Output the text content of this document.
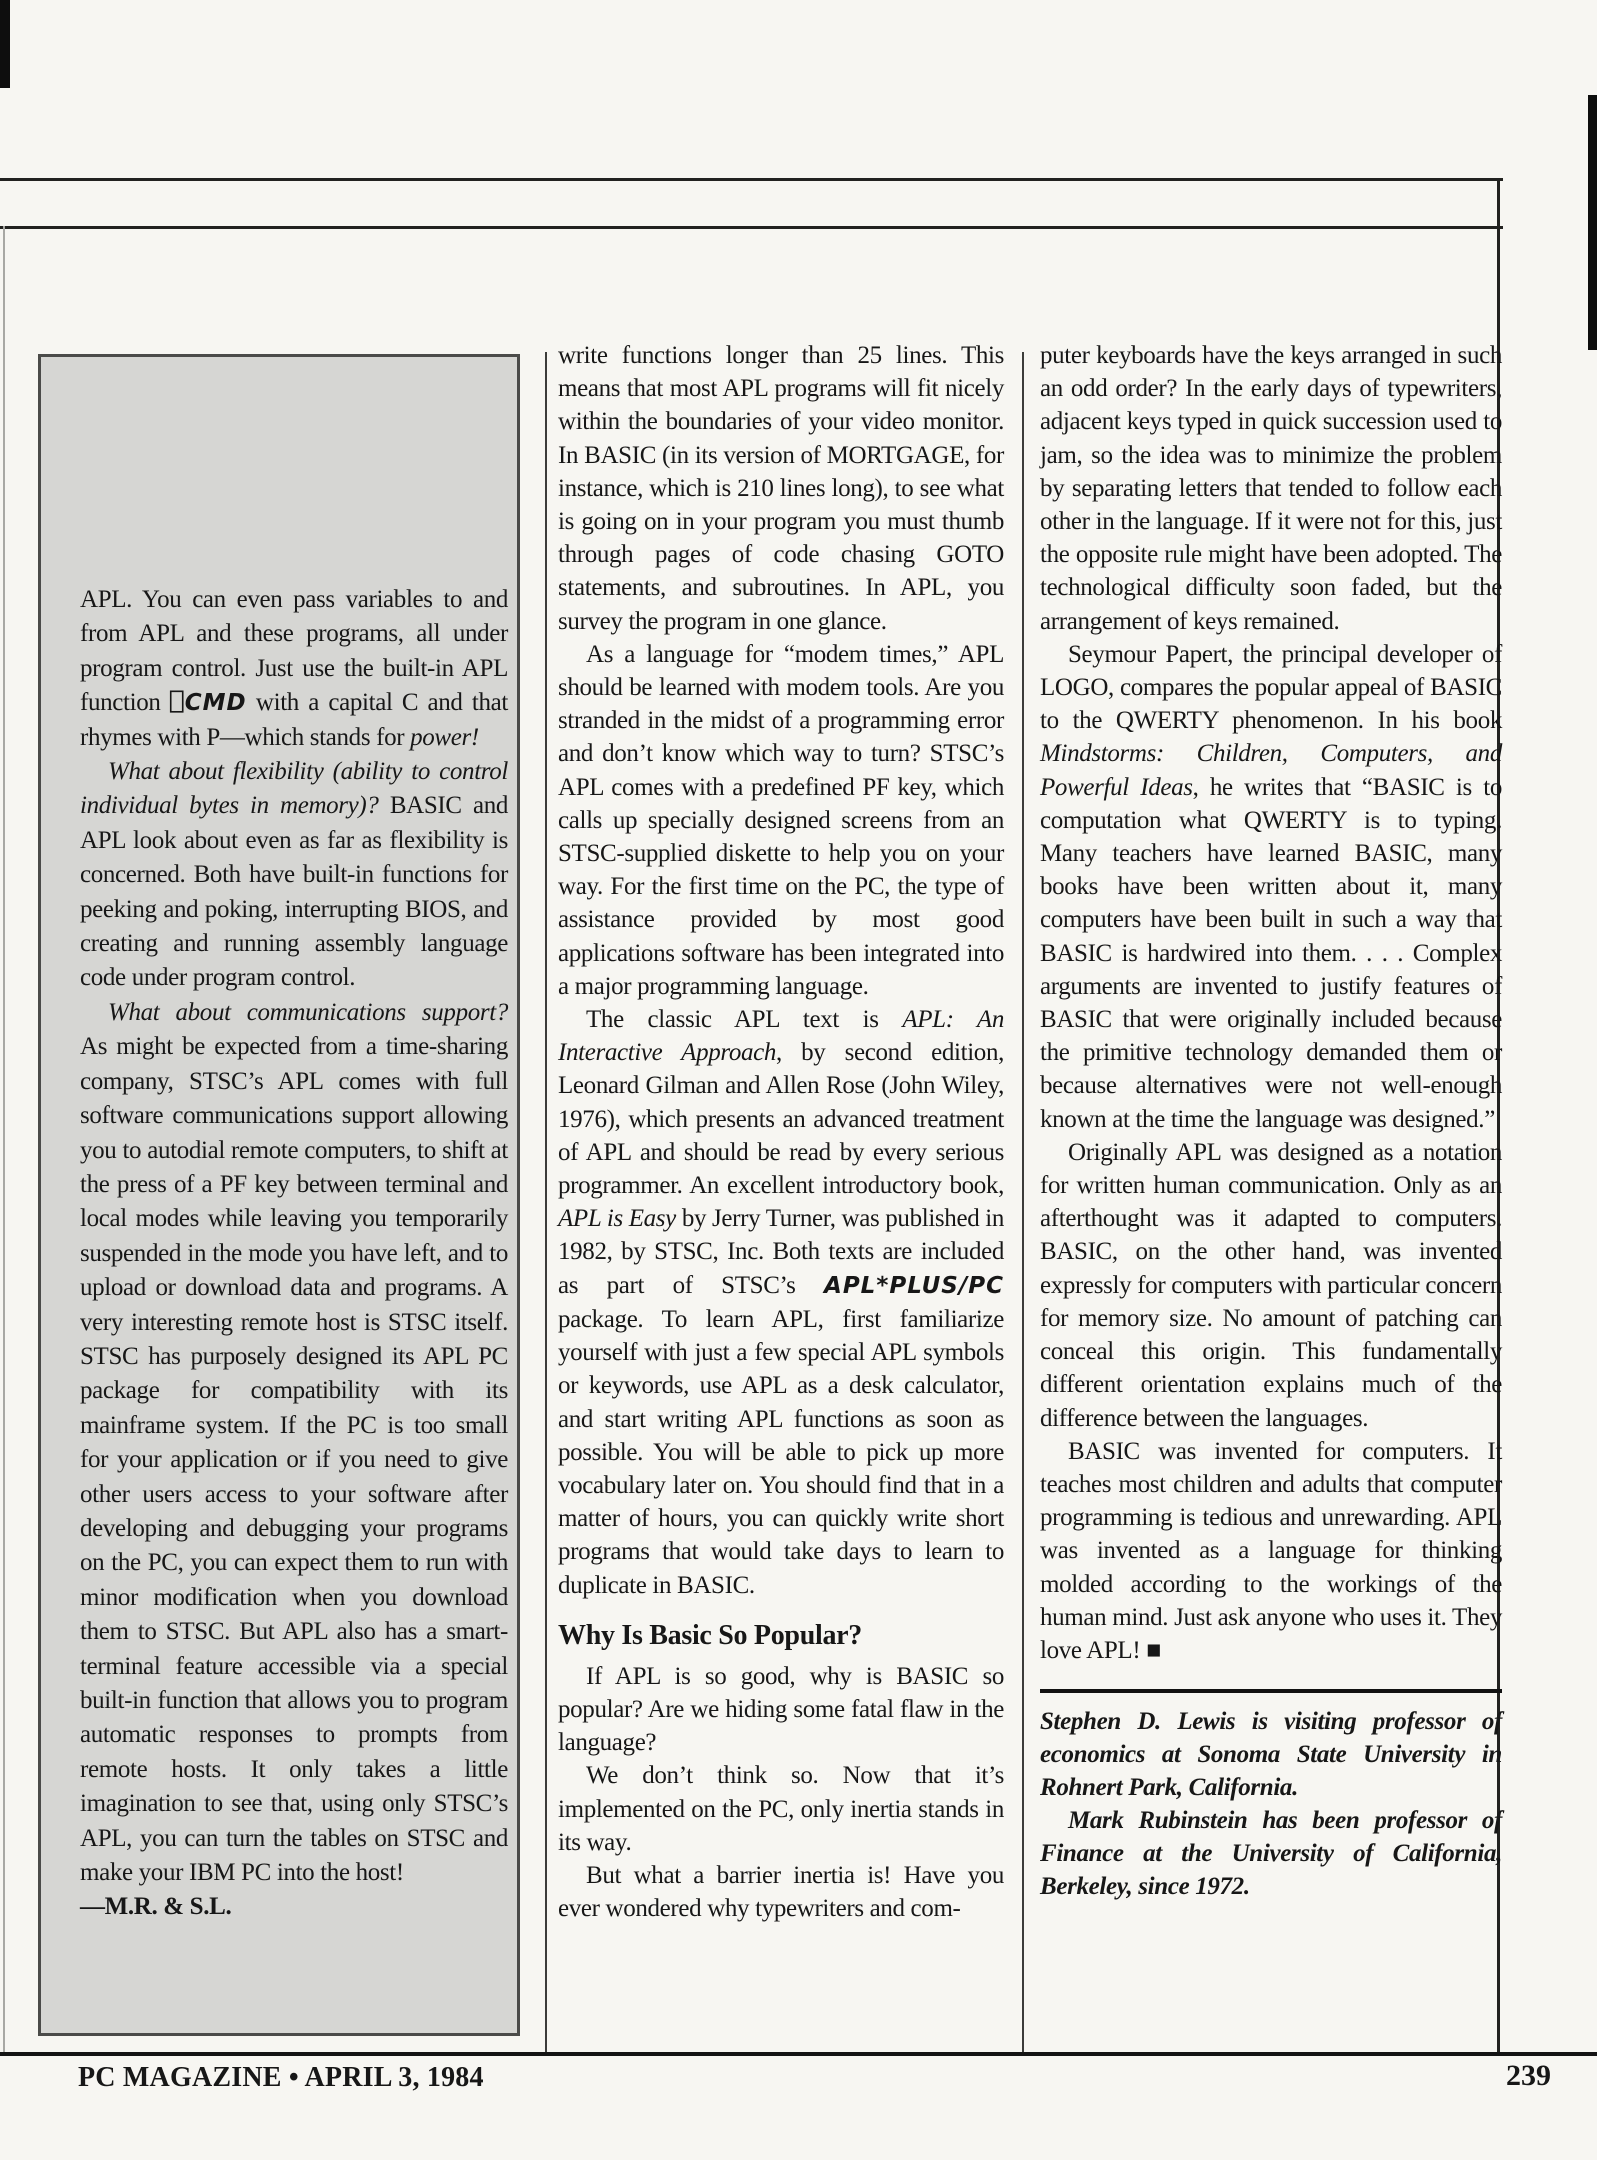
APL. You can even pass variables to and from APL and these programs, all under program control. Just use the built-in APL function ⎕CMD with a capital C and that rhymes with P—which stands for power!

What about flexibility (ability to control individual bytes in memory)? BASIC and APL look about even as far as flexibility is concerned. Both have built-in functions for peeking and poking, interrupting BIOS, and creating and running assembly language code under program control.

What about communications support? As might be expected from a time-sharing company, STSC’s APL comes with full software communications support allowing you to autodial remote computers, to shift at the press of a PF key between terminal and local modes while leaving you temporarily suspended in the mode you have left, and to upload or download data and programs. A very interesting remote host is STSC itself. STSC has purposely designed its APL PC package for compatibility with its mainframe system. If the PC is too small for your application or if you need to give other users access to your software after developing and debugging your programs on the PC, you can expect them to run with minor modification when you download them to STSC. But APL also has a smart-terminal feature accessible via a special built-in function that allows you to program automatic responses to prompts from remote hosts. It only takes a little imagination to see that, using only STSC’s APL, you can turn the tables on STSC and make your IBM PC into the host!

—M.R. & S.L.

write functions longer than 25 lines. This means that most APL programs will fit nicely within the boundaries of your video monitor. In BASIC (in its version of MORTGAGE, for instance, which is 210 lines long), to see what is going on in your program you must thumb through pages of code chasing GOTO statements, and subroutines. In APL, you survey the program in one glance.

As a language for “modem times,” APL should be learned with modem tools. Are you stranded in the midst of a programming error and don’t know which way to turn? STSC’s APL comes with a predefined PF key, which calls up specially designed screens from an STSC-supplied diskette to help you on your way. For the first time on the PC, the type of assistance provided by most good applications software has been integrated into a major programming language.

The classic APL text is APL: An Interactive Approach, by second edition, Leonard Gilman and Allen Rose (John Wiley, 1976), which presents an advanced treatment of APL and should be read by every serious programmer. An excellent introductory book, APL is Easy by Jerry Turner, was published in 1982, by STSC, Inc. Both texts are included as part of STSC’s APL*PLUS/PC package. To learn APL, first familiarize yourself with just a few special APL symbols or keywords, use APL as a desk calculator, and start writing APL functions as soon as possible. You will be able to pick up more vocabulary later on. You should find that in a matter of hours, you can quickly write short programs that would take days to learn to duplicate in BASIC.

Why Is Basic So Popular?

If APL is so good, why is BASIC so popular? Are we hiding some fatal flaw in the language?

We don’t think so. Now that it’s implemented on the PC, only inertia stands in its way.

But what a barrier inertia is! Have you ever wondered why typewriters and com-

puter keyboards have the keys arranged in such an odd order? In the early days of typewriters, adjacent keys typed in quick succession used to jam, so the idea was to minimize the problem by separating letters that tended to follow each other in the language. If it were not for this, just the opposite rule might have been adopted. The technological difficulty soon faded, but the arrangement of keys remained.

Seymour Papert, the principal developer of LOGO, compares the popular appeal of BASIC to the QWERTY phenomenon. In his book Mindstorms: Children, Computers, and Powerful Ideas, he writes that “BASIC is to computation what QWERTY is to typing. Many teachers have learned BASIC, many books have been written about it, many computers have been built in such a way that BASIC is hardwired into them. . . . Complex arguments are invented to justify features of BASIC that were originally included because the primitive technology demanded them or because alternatives were not well-enough known at the time the language was designed.”

Originally APL was designed as a notation for written human communication. Only as an afterthought was it adapted to computers. BASIC, on the other hand, was invented expressly for computers with particular concern for memory size. No amount of patching can conceal this origin. This fundamentally different orientation explains much of the difference between the languages.

BASIC was invented for computers. It teaches most children and adults that computer programming is tedious and unrewarding. APL was invented as a language for thinking molded according to the workings of the human mind. Just ask anyone who uses it. They love APL! ■

Stephen D. Lewis is visiting professor of economics at Sonoma State University in Rohnert Park, California.

Mark Rubinstein has been professor of Finance at the University of California, Berkeley, since 1972.

PC MAGAZINE • APRIL 3, 1984	239
